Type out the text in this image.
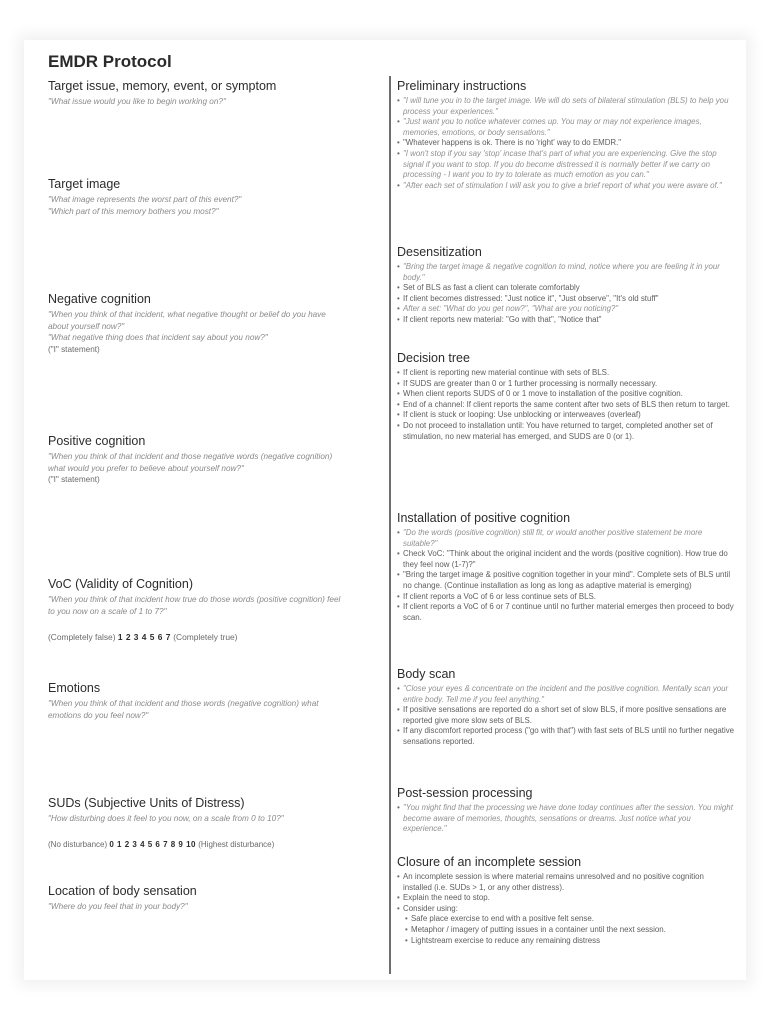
EMDR Protocol
Target issue, memory, event, or symptom

"What issue would you like to begin working on?"

Target image

"What image represents the worst part of this event?"

"Which part of this memory bothers you most?"

Negative cognition

"When you think of that incident, what negative thought or belief do you have about yourself now?"

"What negative thing does that incident say about you now?"

("I" statement)

Positive cognition

"When you think of that incident and those negative words (negative cognition) what would you prefer to believe about yourself now?"

("I" statement)

VoC (Validity of Cognition)

"When you think of that incident how true do those words (positive cognition) feel to you now on a scale of 1 to 7?"

(Completely false) 1 2 3 4 5 6 7 (Completely true)

Emotions

"When you think of that incident and those words (negative cognition) what emotions do you feel now?"

SUDs (Subjective Units of Distress)

"How disturbing does it feel to you now, on a scale from 0 to 10?"

(No disturbance) 0 1 2 3 4 5 6 7 8 9 10 (Highest disturbance)

Location of body sensation

"Where do you feel that in your body?"

Preliminary instructions
• "I will tune you in to the target image. We will do sets of bilateral stimulation (BLS) to help you process your experiences."
• "Just want you to notice whatever comes up. You may or may not experience images, memories, emotions, or body sensations."
• "Whatever happens is ok. There is no 'right' way to do EMDR."
• "I won't stop if you say 'stop' incase that's part of what you are experiencing. Give the stop signal if you want to stop. If you do become distressed it is normally better if we carry on processing - I want you to try to tolerate as much emotion as you can."
• "After each set of stimulation I will ask you to give a brief report of what you were aware of."
Desensitization
• "Bring the target image & negative cognition to mind, notice where you are feeling it in your body."
• Set of BLS as fast a client can tolerate comfortably
• If client becomes distressed: "Just notice it", "Just observe", "It's old stuff"
• After a set: "What do you get now?", "What are you noticing?"
• If client reports new material: "Go with that", "Notice that"
Decision tree
• If client is reporting new material continue with sets of BLS.
• If SUDS are greater than 0 or 1 further processing is normally necessary.
• When client reports SUDS of 0 or 1 move to installation of the positive cognition.
• End of a channel: If client reports the same content after two sets of BLS then return to target.
• If client is stuck or looping: Use unblocking or interweaves (overleaf)
• Do not proceed to installation until: You have returned to target, completed another set of stimulation, no new material has emerged, and SUDS are 0 (or 1).
Installation of positive cognition
• "Do the words (positive cognition) still fit, or would another positive statement be more suitable?"
• Check VoC: "Think about the original incident and the words (positive cognition). How true do they feel now (1-7)?"
• "Bring the target image & positive cognition together in your mind". Complete sets of BLS until no change. (Continue installation as long as long as adaptive material is emerging)
• If client reports a VoC of 6 or less continue sets of BLS.
• If client reports a VoC of 6 or 7 continue until no further material emerges then proceed to body scan.
Body scan
• "Close your eyes & concentrate on the incident and the positive cognition. Mentally scan your entire body. Tell me if you feel anything."
• If positive sensations are reported do a short set of slow BLS, if more positive sensations are reported give more slow sets of BLS.
• If any discomfort reported process ("go with that") with fast sets of BLS until no further negative sensations reported.
Post-session processing
• "You might find that the processing we have done today continues after the session. You might become aware of memories, thoughts, sensations or dreams. Just notice what you experience."
Closure of an incomplete session
• An incomplete session is where material remains unresolved and no positive cognition installed (i.e. SUDs > 1, or any other distress).
• Explain the need to stop.
• Consider using:
• Safe place exercise to end with a positive felt sense.
• Metaphor / imagery of putting issues in a container until the next session.
• Lightstream exercise to reduce any remaining distress
